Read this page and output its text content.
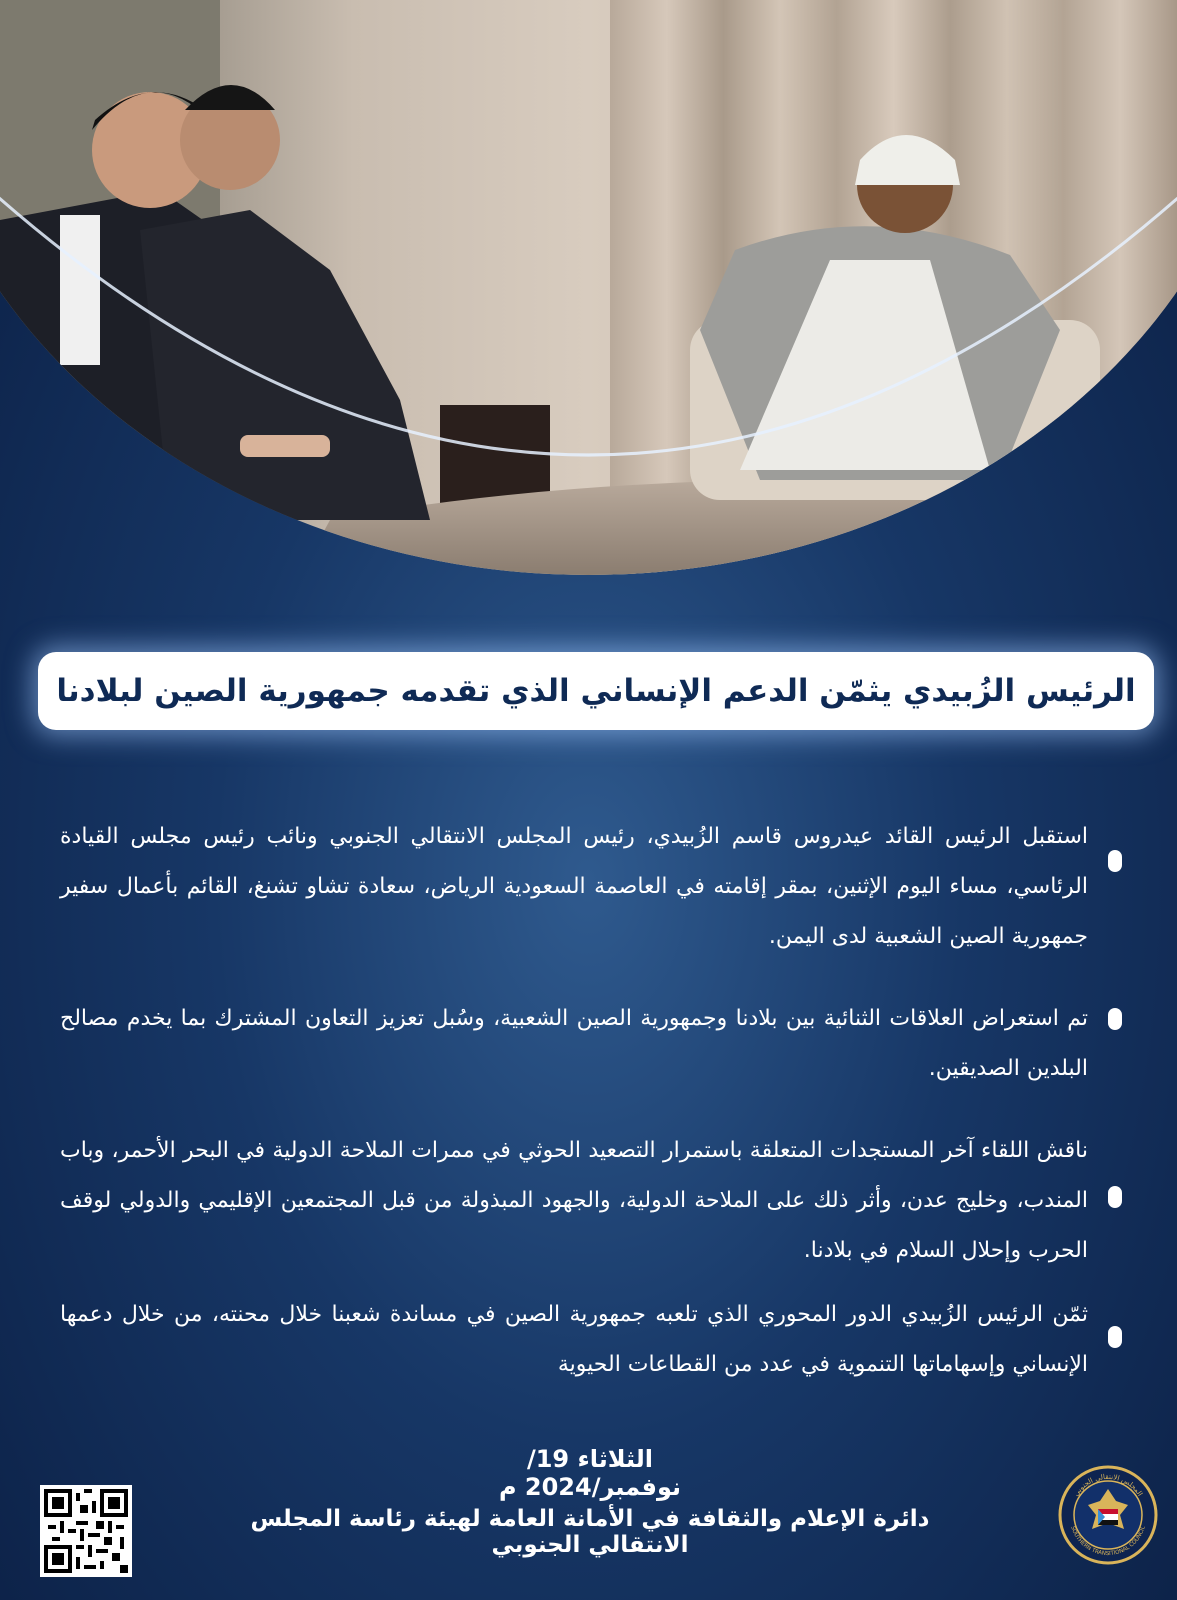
الرئيس الزُبيدي يثمّن الدعم الإنساني الذي تقدمه جمهورية الصين لبلادنا
استقبل الرئيس القائد عيدروس قاسم الزُبيدي، رئيس المجلس الانتقالي الجنوبي ونائب رئيس مجلس القيادة الرئاسي، مساء اليوم الإثنين، بمقر إقامته في العاصمة السعودية الرياض، سعادة تشاو تشنغ، القائم بأعمال سفير جمهورية الصين الشعبية لدى اليمن.
تم استعراض العلاقات الثنائية بين بلادنا وجمهورية الصين الشعبية، وسُبل تعزيز التعاون المشترك بما يخدم مصالح البلدين الصديقين.
ناقش اللقاء آخر المستجدات المتعلقة باستمرار التصعيد الحوثي في ممرات الملاحة الدولية في البحر الأحمر، وباب المندب، وخليج عدن، وأثر ذلك على الملاحة الدولية، والجهود المبذولة من قبل المجتمعين الإقليمي والدولي لوقف الحرب وإحلال السلام في بلادنا.
ثمّن الرئيس الزُبيدي الدور المحوري الذي تلعبه جمهورية الصين في مساندة شعبنا خلال محنته، من خلال دعمها الإنساني وإسهاماتها التنموية في عدد من القطاعات الحيوية
الثلاثاء 19/نوفمبر/2024 م
دائرة الإعلام والثقافة في الأمانة العامة لهيئة رئاسة المجلس الانتقالي الجنوبي
المجلس الانتقالي الجنوبي
SOUTHERN TRANSITIONAL COUNCIL
